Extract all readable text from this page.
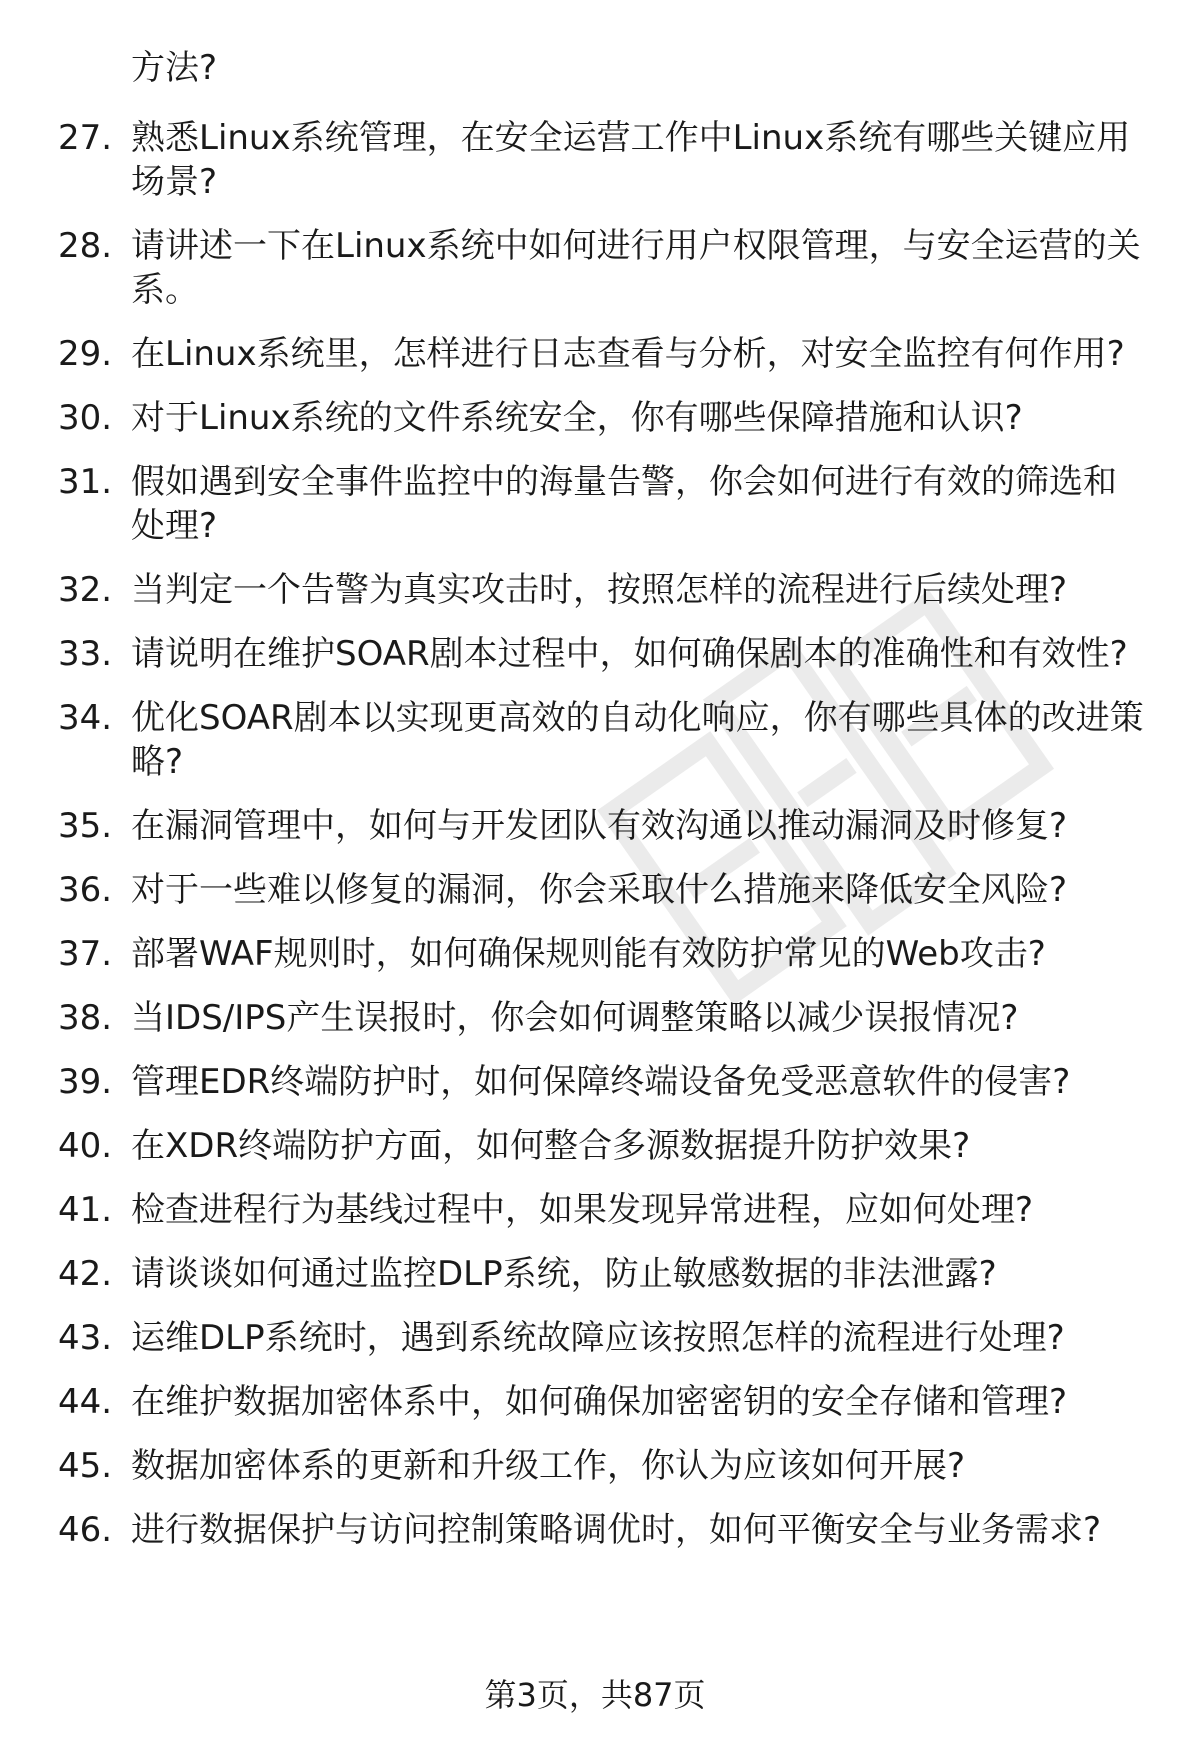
方法?

27. 熟悉Linux系统管理，在安全运营工作中Linux系统有哪些关键应用场景?
28. 请讲述一下在Linux系统中如何进行用户权限管理，与安全运营的关系。
29. 在Linux系统里，怎样进行日志查看与分析，对安全监控有何作用?
30. 对于Linux系统的文件系统安全，你有哪些保障措施和认识?
31. 假如遇到安全事件监控中的海量告警，你会如何进行有效的筛选和处理?
32. 当判定一个告警为真实攻击时，按照怎样的流程进行后续处理?
33. 请说明在维护SOAR剧本过程中，如何确保剧本的准确性和有效性?
34. 优化SOAR剧本以实现更高效的自动化响应，你有哪些具体的改进策略?
35. 在漏洞管理中，如何与开发团队有效沟通以推动漏洞及时修复?
36. 对于一些难以修复的漏洞，你会采取什么措施来降低安全风险?
37. 部署WAF规则时，如何确保规则能有效防护常见的Web攻击?
38. 当IDS/IPS产生误报时，你会如何调整策略以减少误报情况?
39. 管理EDR终端防护时，如何保障终端设备免受恶意软件的侵害?
40. 在XDR终端防护方面，如何整合多源数据提升防护效果?
41. 检查进程行为基线过程中，如果发现异常进程，应如何处理?
42. 请谈谈如何通过监控DLP系统，防止敏感数据的非法泄露?
43. 运维DLP系统时，遇到系统故障应该按照怎样的流程进行处理?
44. 在维护数据加密体系中，如何确保加密密钥的安全存储和管理?
45. 数据加密体系的更新和升级工作，你认为应该如何开展?
46. 进行数据保护与访问控制策略调优时，如何平衡安全与业务需求?
第3页，共87页
